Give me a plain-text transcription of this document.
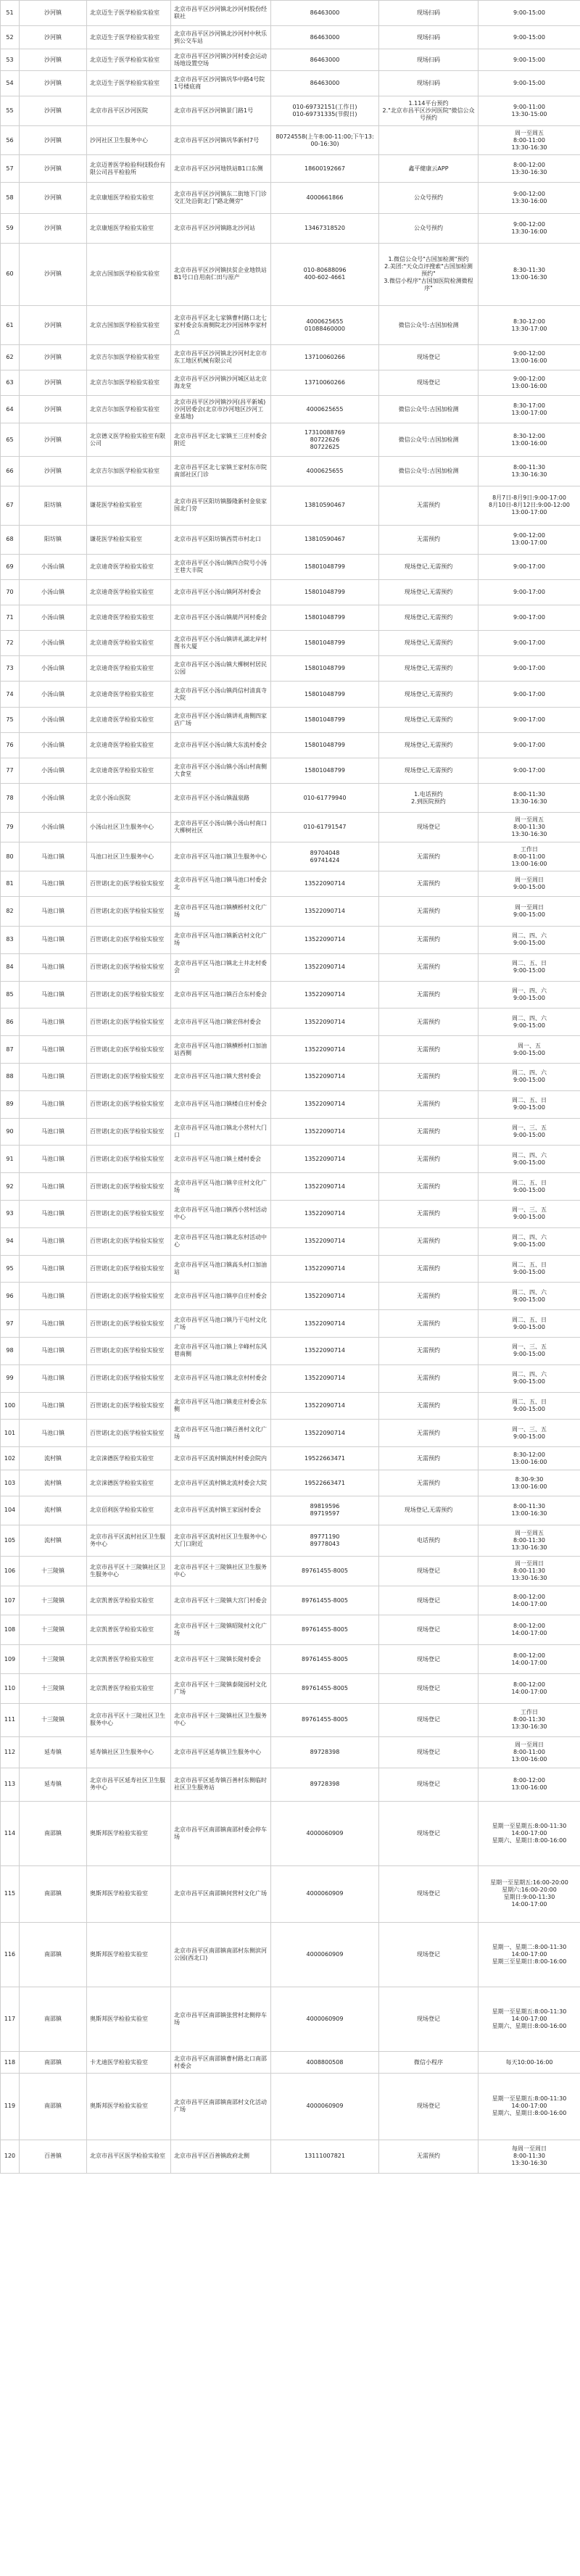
51	沙河镇	北京迈生子医学检验实验室	北京市昌平区沙河镇北沙河村股份经联社	86463000	现场扫码	9:00-15:00
52	沙河镇	北京迈生子医学检验实验室	北京市昌平区沙河镇北沙河村中秋乐到公交车站	86463000	现场扫码	9:00-15:00
53	沙河镇	北京迈生子医学检验实验室	北京市昌平区沙河镇沙河村委会运动场地设置空场	86463000	现场扫码	9:00-15:00
54	沙河镇	北京迈生子医学检验实验室	北京市昌平区沙河镇巩华中路4号院1号楼底商	86463000	现场扫码	9:00-15:00
55	沙河镇	北京市昌平区沙河医院	北京市昌平区沙河镇景门路1号	010-69732151(工作日)
010-69731335(节假日)	1.114平台预约
2."北京市昌平区沙河医院"微信公众号预约	9:00-11:00
13:30-15:00
56	沙河镇	沙河社区卫生服务中心	北京市昌平区沙河镇巩华新村7号	80724558(上午8:00-11:00;下午13:00-16:30)		周一至周五
8:00-11:00
13:30-16:30
57	沙河镇	北京迈普医学检验科技股份有限公司昌平检验所	北京市昌平区沙河地铁站B1口东侧	18600192667	鑫平健康云APP	8:00-12:00
13:30-16:30
58	沙河镇	北京康旭医学检验实验室	北京市昌平区沙河镇东二街地下门诊交汇处沿街北门"路北侧旁"	4000661866	公众号预约	9:00-12:00
13:30-16:00
59	沙河镇	北京康旭医学检验实验室	北京市昌平区沙河镇路北沙河站	13467318520	公众号预约	9:00-12:00
13:30-16:00
60	沙河镇	北京古国加医学检验实验室	北京市昌平区沙河镇扶贫企业地铁站B1号口自用南仁田与原产	010-80688096
400-602-4661	1.微信公众号"古国加检测"预约
2.美团:"天众点评搜索"古国加检测预约"
3.微信小程序"古国加医院检测微程序"	8:30-11:30
13:00-16:30
61	沙河镇	北京古国加医学检验实验室	北京市昌平区北七家镇曹村路口北七家村委会东南侧院北沙河园林李家村点	4000625655
01088460000	微信公众号:古国加检测	8:30-12:00
13:30-17:00
62	沙河镇	北京吉尔加医学检验实验室	北京市昌平区沙河镇北沙河村北京市东工地区机械有限公司	13710060266	现场登记	9:00-12:00
13:00-16:00
63	沙河镇	北京吉尔加医学检验实验室	北京市昌平区沙河镇沙河城区站北京海龙堂	13710060266	现场登记	9:00-12:00
13:00-16:00
64	沙河镇	北京吉尔加医学检验实验室	北京市昌平区沙河镇沙河(昌平新城)沙河居委会(北京市沙河地区沙河工业基地)	4000625655	微信公众号:古国加检测	8:30-17:00
13:00-17:00
65	沙河镇	北京德义医学检验实验室有限公司	北京市昌平区北七家镇王三庄村委会附近	17310088769
80722626
80722625	微信公众号:古国加检测	8:30-12:00
13:00-16:00
66	沙河镇	北京吉尔加医学检验实验室	北京市昌平区北七家镇王家村东市院南部社区门诊	4000625655	微信公众号:古国加检测	8:00-11:30
13:30-16:30
67	阳坊镇	谦花医学检验实验室	北京市昌平区阳坊镇滕隆新村金泉家国北门旁	13810590467	无需预约	8月7日-8月9日:9:00-17:00
8月10日-8月12日:9:00-12:00
13:00-17:00
68	阳坊镇	谦花医学检验实验室	北京市昌平区阳坊镇西贯市村北口	13810590467	无需预约	9:00-12:00
13:00-17:00
69	小汤山镇	北京迪奇医学检验实验室	北京市昌平区小汤山镇四合院号小汤王巷大丰院	15801048799	现场登记,无需预约	9:00-17:00
70	小汤山镇	北京迪奇医学检验实验室	北京市昌平区小汤山镇阿苏村委会	15801048799	现场登记,无需预约	9:00-17:00
71	小汤山镇	北京迪奇医学检验实验室	北京市昌平区小汤山镇葫芦河村委会	15801048799	现场登记,无需预约	9:00-17:00
72	小汤山镇	北京迪奇医学检验实验室	北京市昌平区小汤山镇讲礼湖北岸村图书大厦	15801048799	现场登记,无需预约	9:00-17:00
73	小汤山镇	北京迪奇医学检验实验室	北京市昌平区小汤山镇大柳树村居民公园	15801048799	现场登记,无需预约	9:00-17:00
74	小汤山镇	北京迪奇医学检验实验室	北京市昌平区小汤山镇尚信村清真寺大院	15801048799	现场登记,无需预约	9:00-17:00
75	小汤山镇	北京迪奇医学检验实验室	北京市昌平区小汤山镇讲礼南侧四家店广场	15801048799	现场登记,无需预约	9:00-17:00
76	小汤山镇	北京迪奇医学检验实验室	北京市昌平区小汤山镇大东流村委会	15801048799	现场登记,无需预约	9:00-17:00
77	小汤山镇	北京迪奇医学检验实验室	北京市昌平区小汤山镇小汤山村南侧大食堂	15801048799	现场登记,无需预约	9:00-17:00
78	小汤山镇	北京小汤山医院	北京市昌平区小汤山镇温泉路	010-61779940	1.电话预约
2.到医院预约	8:00-11:30
13:30-16:30
79	小汤山镇	小汤山社区卫生服务中心	北京市昌平区小汤山镇小汤山村南口大柳树社区	010-61791547	现场登记	周一至周五
8:00-11:30
13:30-16:30
80	马池口镇	马池口社区卫生服务中心	北京市昌平区马池口镇卫生服务中心	89704048
69741424	无需预约	工作日
8:00-11:00
13:00-16:00
81	马池口镇	百世诺(北京)医学检验实验室	北京市昌平区马池口镇马池口村委会北	13522090714	无需预约	周一至周日
9:00-15:00
82	马池口镇	百世诺(北京)医学检验实验室	北京市昌平区马池口镇横桥村文化广场	13522090714	无需预约	周一至周日
9:00-15:00
83	马池口镇	百世诺(北京)医学检验实验室	北京市昌平区马池口镇新店村文化广场	13522090714	无需预约	周二、四、六
9:00-15:00
84	马池口镇	百世诺(北京)医学检验实验室	北京市昌平区马池口镇北土井北村委会	13522090714	无需预约	周二、五、日
9:00-15:00
85	马池口镇	百世诺(北京)医学检验实验室	北京市昌平区马池口镇百合东村委会	13522090714	无需预约	周一、四、六
9:00-15:00
86	马池口镇	百世诺(北京)医学检验实验室	北京市昌平区马池口镇宏伟村委会	13522090714	无需预约	周二、四、六
9:00-15:00
87	马池口镇	百世诺(北京)医学检验实验室	北京市昌平区马池口镇横桥村口加油站西侧	13522090714	无需预约	周一、五
9:00-15:00
88	马池口镇	百世诺(北京)医学检验实验室	北京市昌平区马池口镇大营村委会	13522090714	无需预约	周二、四、六
9:00-15:00
89	马池口镇	百世诺(北京)医学检验实验室	北京市昌平区马池口镇楼自庄村委会	13522090714	无需预约	周二、五、日
9:00-15:00
90	马池口镇	百世诺(北京)医学检验实验室	北京市昌平区马池口镇北小营村大门口	13522090714	无需预约	周一、三、五
9:00-15:00
91	马池口镇	百世诺(北京)医学检验实验室	北京市昌平区马池口镇土楼村委会	13522090714	无需预约	周二、四、六
9:00-15:00
92	马池口镇	百世诺(北京)医学检验实验室	北京市昌平区马池口镇辛庄村文化广场	13522090714	无需预约	周二、五、日
9:00-15:00
93	马池口镇	百世诺(北京)医学检验实验室	北京市昌平区马池口镇西小营村活动中心	13522090714	无需预约	周一、三、五
9:00-15:00
94	马池口镇	百世诺(北京)医学检验实验室	北京市昌平区马池口镇北东村活动中心	13522090714	无需预约	周二、四、六
9:00-15:00
95	马池口镇	百世诺(北京)医学检验实验室	北京市昌平区马池口镇高头村口加油站	13522090714	无需预约	周二、五、日
9:00-15:00
96	马池口镇	百世诺(北京)医学检验实验室	北京市昌平区马池口镇亭自庄村委会	13522090714	无需预约	周二、四、六
9:00-15:00
97	马池口镇	百世诺(北京)医学检验实验室	北京市昌平区马池口镇乃干屯村文化广场	13522090714	无需预约	周二、五、日
9:00-15:00
98	马池口镇	百世诺(北京)医学检验实验室	北京市昌平区马池口镇上辛峰村东风巷南侧	13522090714	无需预约	周一、三、五
9:00-15:00
99	马池口镇	百世诺(北京)医学检验实验室	北京市昌平区马池口镇北京村村委会	13522090714	无需预约	周二、四、六
9:00-15:00
100	马池口镇	百世诺(北京)医学检验实验室	北京市昌平区马池口镇麦庄村委会东侧	13522090714	无需预约	周二、五、日
9:00-15:00
101	马池口镇	百世诺(北京)医学检验实验室	北京市昌平区马池口镇百善村文化广场	13522090714	无需预约	周一、三、五
9:00-15:00
102	流村镇	北京涞德医学检验实验室	北京市昌平区流村镇流村村委会院内	19522663471	无需预约	8:30-12:00
13:00-16:00
103	流村镇	北京涞德医学检验实验室	北京市昌平区流村镇北流村委会大院	19522663471	无需预约	8:30-9:30
13:00-16:00
104	流村镇	北京佰利医学检验实验室	北京市昌平区流村镇王家园村委会	89819596
89719597	现场登记,无需预约	8:00-11:30
13:00-16:30
105	流村镇	北京市昌平区流村社区卫生服务中心	北京市昌平区流村社区卫生服务中心大门口附近	89771190
89778043	电话预约	周一至周五
8:00-11:30
13:30-16:30
106	十三陵镇	北京市昌平区十三陵镇社区卫生服务中心	北京市昌平区十三陵镇社区卫生服务中心	89761455-8005	现场登记	周一至周日
8:00-11:30
13:30-16:30
107	十三陵镇	北京凯普医学检验实验室	北京市昌平区十三陵镇大宫门村委会	89761455-8005	现场登记	8:00-12:00
14:00-17:00
108	十三陵镇	北京凯普医学检验实验室	北京市昌平区十三陵镇昭陵村文化广场	89761455-8005	现场登记	8:00-12:00
14:00-17:00
109	十三陵镇	北京凯普医学检验实验室	北京市昌平区十三陵镇长陵村委会	89761455-8005	现场登记	8:00-12:00
14:00-17:00
110	十三陵镇	北京凯普医学检验实验室	北京市昌平区十三陵镇泰陵园村文化广场	89761455-8005	现场登记	8:00-12:00
14:00-17:00
111	十三陵镇	北京市昌平区十三陵社区卫生服务中心	北京市昌平区十三陵镇社区卫生服务中心	89761455-8005	现场登记	工作日
8:00-11:30
13:30-16:30
112	延寿镇	延寿镇社区卫生服务中心	北京市昌平区延寿镇卫生服务中心	89728398	现场登记	周一至周日
8:00-11:00
13:00-16:00
113	延寿镇	北京市昌平区延寿社区卫生服务中心	北京市昌平区延寿镇百善村东侧临时社区卫生服务站	89728398	现场登记	8:00-12:00
13:00-16:00
114	南邵镇	奥斯邦医学检验实验室	北京市昌平区南邵镇南邵村委会停车场	4000060909	现场登记	星期一至星期五:8:00-11:30
14:00-17:00
星期六、星期日:8:00-16:00
115	南邵镇	奥斯邦医学检验实验室	北京市昌平区南邵镇何营村文化广场	4000060909	现场登记	星期一至星期五:16:00-20:00
星期六:16:00-20:00
星期日:9:00-11:30
14:00-17:00
116	南邵镇	奥斯邦医学检验实验室	北京市昌平区南邵镇南邵村东侧滨河公园(西北口)	4000060909	现场登记	星期一、星期二:8:00-11:30
14:00-17:00
星期三至星期日:8:00-16:00
117	南邵镇	奥斯邦医学检验实验室	北京市昌平区南邵镇张营村北侧停车场	4000060909	现场登记	星期一至星期五:8:00-11:30
14:00-17:00
星期六、星期日:8:00-16:00
118	南邵镇	卡尤迪医学检验实验室	北京市昌平区南邵镇曹村路北口南邵村委会	4008800508	微信小程序	每天10:00-16:00
119	南邵镇	奥斯邦医学检验实验室	北京市昌平区南邵镇南邵村文化活动广场	4000060909	现场登记	星期一至星期五:8:00-11:30
14:00-17:00
星期六、星期日:8:00-16:00
120	百善镇	北京市昌平区医学检验实验室	北京市昌平区百善镇政府北侧	13111007821	无需预约	每周一至周日
8:00-11:30
13:30-16:30
